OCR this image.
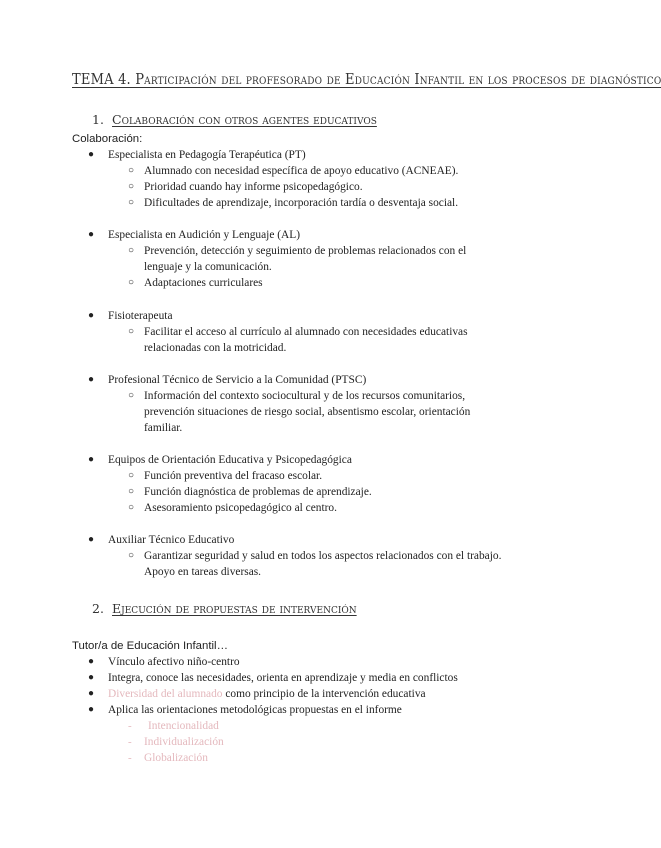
TEMA 4. Participación del profesorado de Educación Infantil en los procesos de diagnóstico
1. Colaboración con otros agentes educativos
Colaboración:
● Especialista en Pedagogía Terapéutica (PT)
○ Alumnado con necesidad específica de apoyo educativo (ACNEAE).
○ Prioridad cuando hay informe psicopedagógico.
○ Dificultades de aprendizaje, incorporación tardía o desventaja social.
● Especialista en Audición y Lenguaje (AL)
○ Prevención, detección y seguimiento de problemas relacionados con el
lenguaje y la comunicación.
○ Adaptaciones curriculares
● Fisioterapeuta
○ Facilitar el acceso al currículo al alumnado con necesidades educativas
relacionadas con la motricidad.
● Profesional Técnico de Servicio a la Comunidad (PTSC)
○ Información del contexto sociocultural y de los recursos comunitarios,
prevención situaciones de riesgo social, absentismo escolar, orientación
familiar.
● Equipos de Orientación Educativa y Psicopedagógica
○ Función preventiva del fracaso escolar.
○ Función diagnóstica de problemas de aprendizaje.
○ Asesoramiento psicopedagógico al centro.
● Auxiliar Técnico Educativo
○ Garantizar seguridad y salud en todos los aspectos relacionados con el trabajo.
Apoyo en tareas diversas.
2. Ejecución de propuestas de intervención
Tutor/a de Educación Infantil…
● Vínculo afectivo niño-centro
● Integra, conoce las necesidades, orienta en aprendizaje y media en conflictos
● Diversidad del alumnado como principio de la intervención educativa
● Aplica las orientaciones metodológicas propuestas en el informe
- Intencionalidad
- Individualización
- Globalización
